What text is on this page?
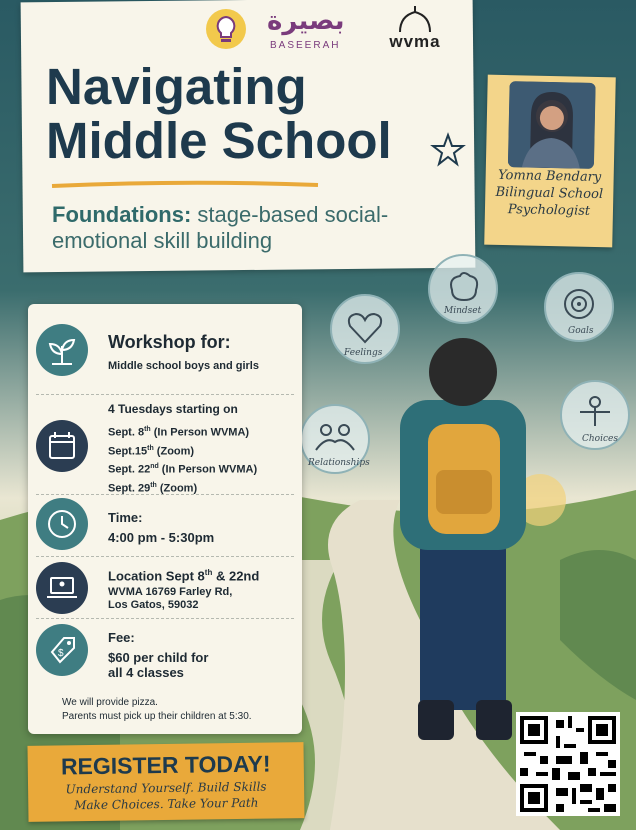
بصيرة
BASEERAH	wvma
Navigating
Middle School
Foundations: stage-based social-emotional skill building
Yomna Bendary
Bilingual School
Psychologist
Mindset
Feelings
Goals
Relationships
Choices
Workshop for:
Middle school boys and girls
4 Tuesdays starting on
Sept. 8th (In Person WVMA)
Sept.15th (Zoom)
Sept. 22nd (In Person WVMA)
Sept. 29th (Zoom)
Time:
4:00 pm - 5:30pm
Location Sept 8th & 22nd
WVMA 16769 Farley Rd,
Los Gatos, 59032
$
Fee:
$60 per child for
all 4 classes
We will provide pizza.
Parents must pick up their children at 5:30.
REGISTER TODAY!
Understand Yourself. Build Skills
Make Choices. Take Your Path
